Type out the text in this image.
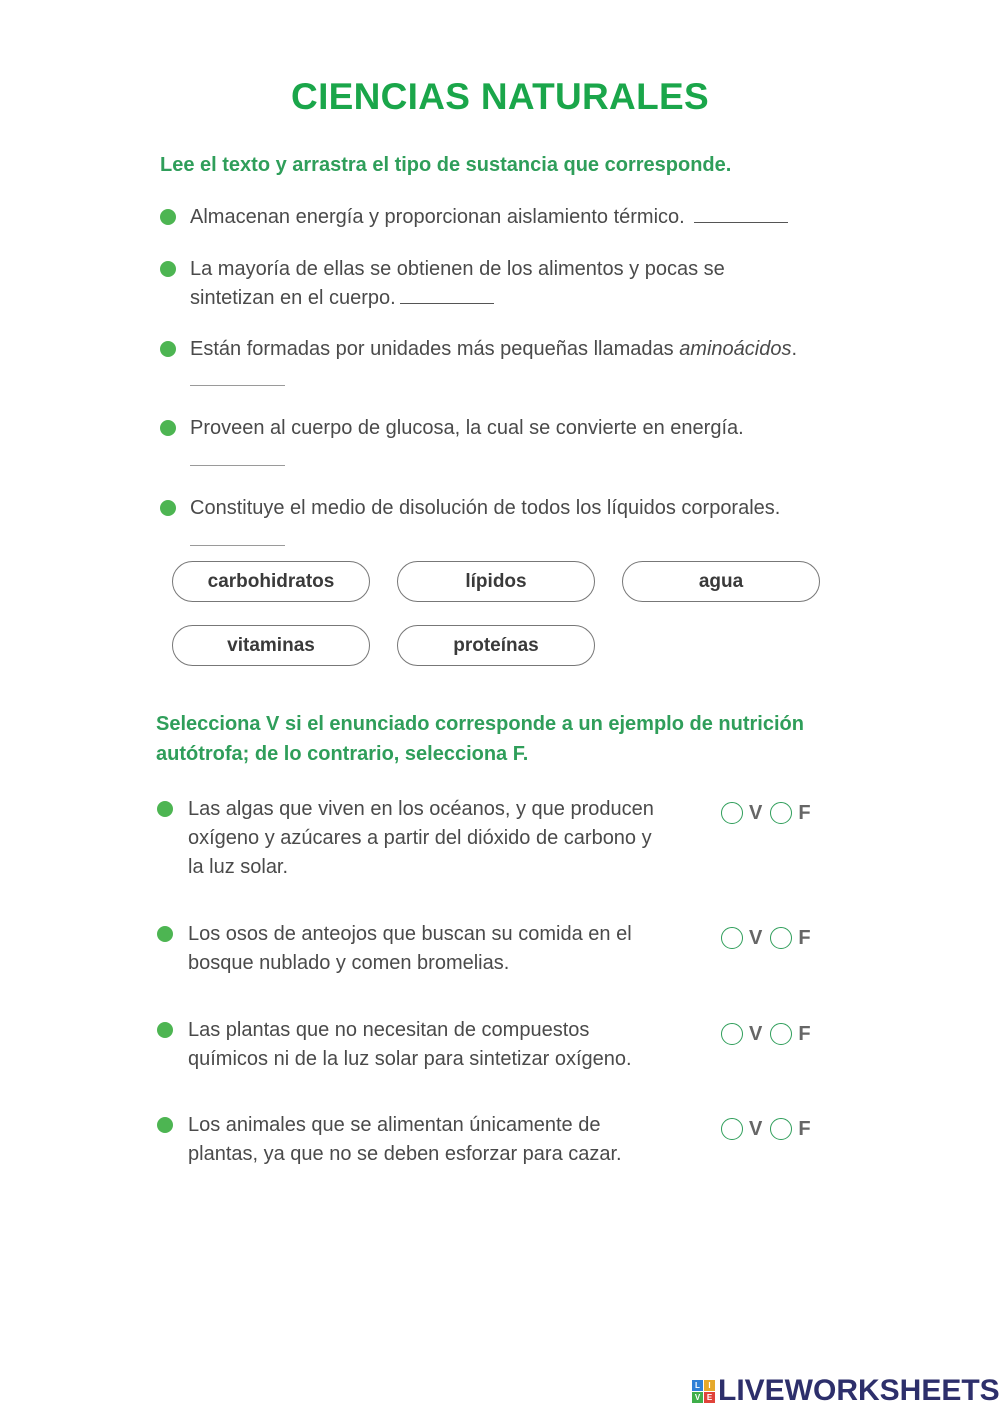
CIENCIAS NATURALES
Lee el texto y arrastra el tipo de sustancia que corresponde.
Almacenan energía y proporcionan aislamiento térmico.
La mayoría de ellas se obtienen de los alimentos y pocas se
sintetizan en el cuerpo.
Están formadas por unidades más pequeñas llamadas aminoácidos.
Proveen al cuerpo de glucosa, la cual se convierte en energía.
Constituye el medio de disolución de todos los líquidos corporales.
carbohidratos	lípidos	agua
vitaminas	proteínas
Selecciona V si el enunciado corresponde a un ejemplo de nutrición
autótrofa; de lo contrario, selecciona F.
Las algas que viven en los océanos, y que producen
oxígeno y azúcares a partir del dióxido de carbono y
la luz solar.
V F
Los osos de anteojos que buscan su comida en el
bosque nublado y comen bromelias.
V F
Las plantas que no necesitan de compuestos
químicos ni de la luz solar para sintetizar oxígeno.
V F
Los animales que se alimentan únicamente de
plantas, ya que no se deben esforzar para cazar.
V F
L	I
V E LIVEWORKSHEETS
